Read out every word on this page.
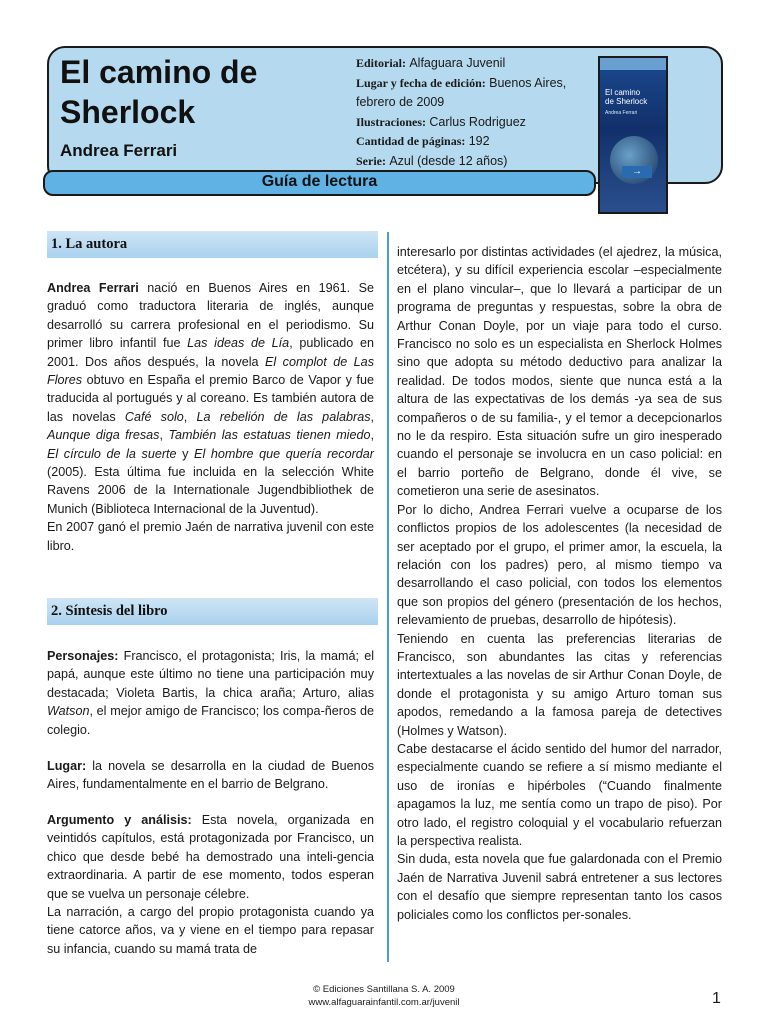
El camino de
Sherlock
Andrea Ferrari
Editorial: Alfaguara Juvenil
Lugar y fecha de edición: Buenos Aires,
febrero de 2009
Ilustraciones: Carlus Rodriguez
Cantidad de páginas: 192
Serie: Azul (desde 12 años)
El camino
de Sherlock
Andrea Ferrari
→
Guía de lectura
1. La autora
Andrea Ferrari nació en Buenos Aires en 1961. Se graduó como traductora literaria de inglés, aunque desarrolló su carrera profesional en el periodismo. Su primer libro infantil fue Las ideas de Lía, publicado en 2001. Dos años después, la novela El complot de Las Flores obtuvo en España el premio Barco de Vapor y fue traducida al portugués y al coreano. Es también autora de las novelas Café solo, La rebelión de las palabras, Aunque diga fresas, También las estatuas tienen miedo, El círculo de la suerte y El hombre que quería recordar (2005). Esta última fue incluida en la selección White Ravens 2006 de la Internationale Jugendbibliothek de Munich (Biblioteca Internacional de la Juventud).
En 2007 ganó el premio Jaén de narrativa juvenil con este libro.
2. Síntesis del libro
Personajes: Francisco, el protagonista; Iris, la mamá; el papá, aunque este último no tiene una participación muy destacada; Violeta Bartis, la chica araña; Arturo, alias Watson, el mejor amigo de Francisco; los compa-ñeros de colegio.
Lugar: la novela se desarrolla en la ciudad de Buenos Aires, fundamentalmente en el barrio de Belgrano.
Argumento y análisis: Esta novela, organizada en veintidós capítulos, está protagonizada por Francisco, un chico que desde bebé ha demostrado una inteli-gencia extraordinaria. A partir de ese momento, todos esperan que se vuelva un personaje célebre.
La narración, a cargo del propio protagonista cuando ya tiene catorce años, va y viene en el tiempo para repasar su infancia, cuando su mamá trata de
interesarlo por distintas actividades (el ajedrez, la música, etcétera), y su difícil experiencia escolar –especialmente en el plano vincular–, que lo llevará a participar de un programa de preguntas y respuestas, sobre la obra de Arthur Conan Doyle, por un viaje para todo el curso. Francisco no solo es un especialista en Sherlock Holmes sino que adopta su método deductivo para analizar la realidad. De todos modos, siente que nunca está a la altura de las expectativas de los demás -ya sea de sus compañeros o de su familia-, y el temor a decepcionarlos no le da respiro. Esta situación sufre un giro inesperado cuando el personaje se involucra en un caso policial: en el barrio porteño de Belgrano, donde él vive, se cometieron una serie de asesinatos.
Por lo dicho, Andrea Ferrari vuelve a ocuparse de los conflictos propios de los adolescentes (la necesidad de ser aceptado por el grupo, el primer amor, la escuela, la relación con los padres) pero, al mismo tiempo va desarrollando el caso policial, con todos los elementos que son propios del género (presentación de los hechos, relevamiento de pruebas, desarrollo de hipótesis).
Teniendo en cuenta las preferencias literarias de Francisco, son abundantes las citas y referencias intertextuales a las novelas de sir Arthur Conan Doyle, de donde el protagonista y su amigo Arturo toman sus apodos, remedando a la famosa pareja de detectives (Holmes y Watson).
Cabe destacarse el ácido sentido del humor del narrador, especialmente cuando se refiere a sí mismo mediante el uso de ironías e hipérboles (“Cuando finalmente apagamos la luz, me sentía como un trapo de piso). Por otro lado, el registro coloquial y el vocabulario refuerzan la perspectiva realista.
Sin duda, esta novela que fue galardonada con el Premio Jaén de Narrativa Juvenil sabrá entretener a sus lectores con el desafío que siempre representan tanto los casos policiales como los conflictos per-sonales.
© Ediciones Santillana S. A. 2009
www.alfaguarainfantil.com.ar/juvenil	1
